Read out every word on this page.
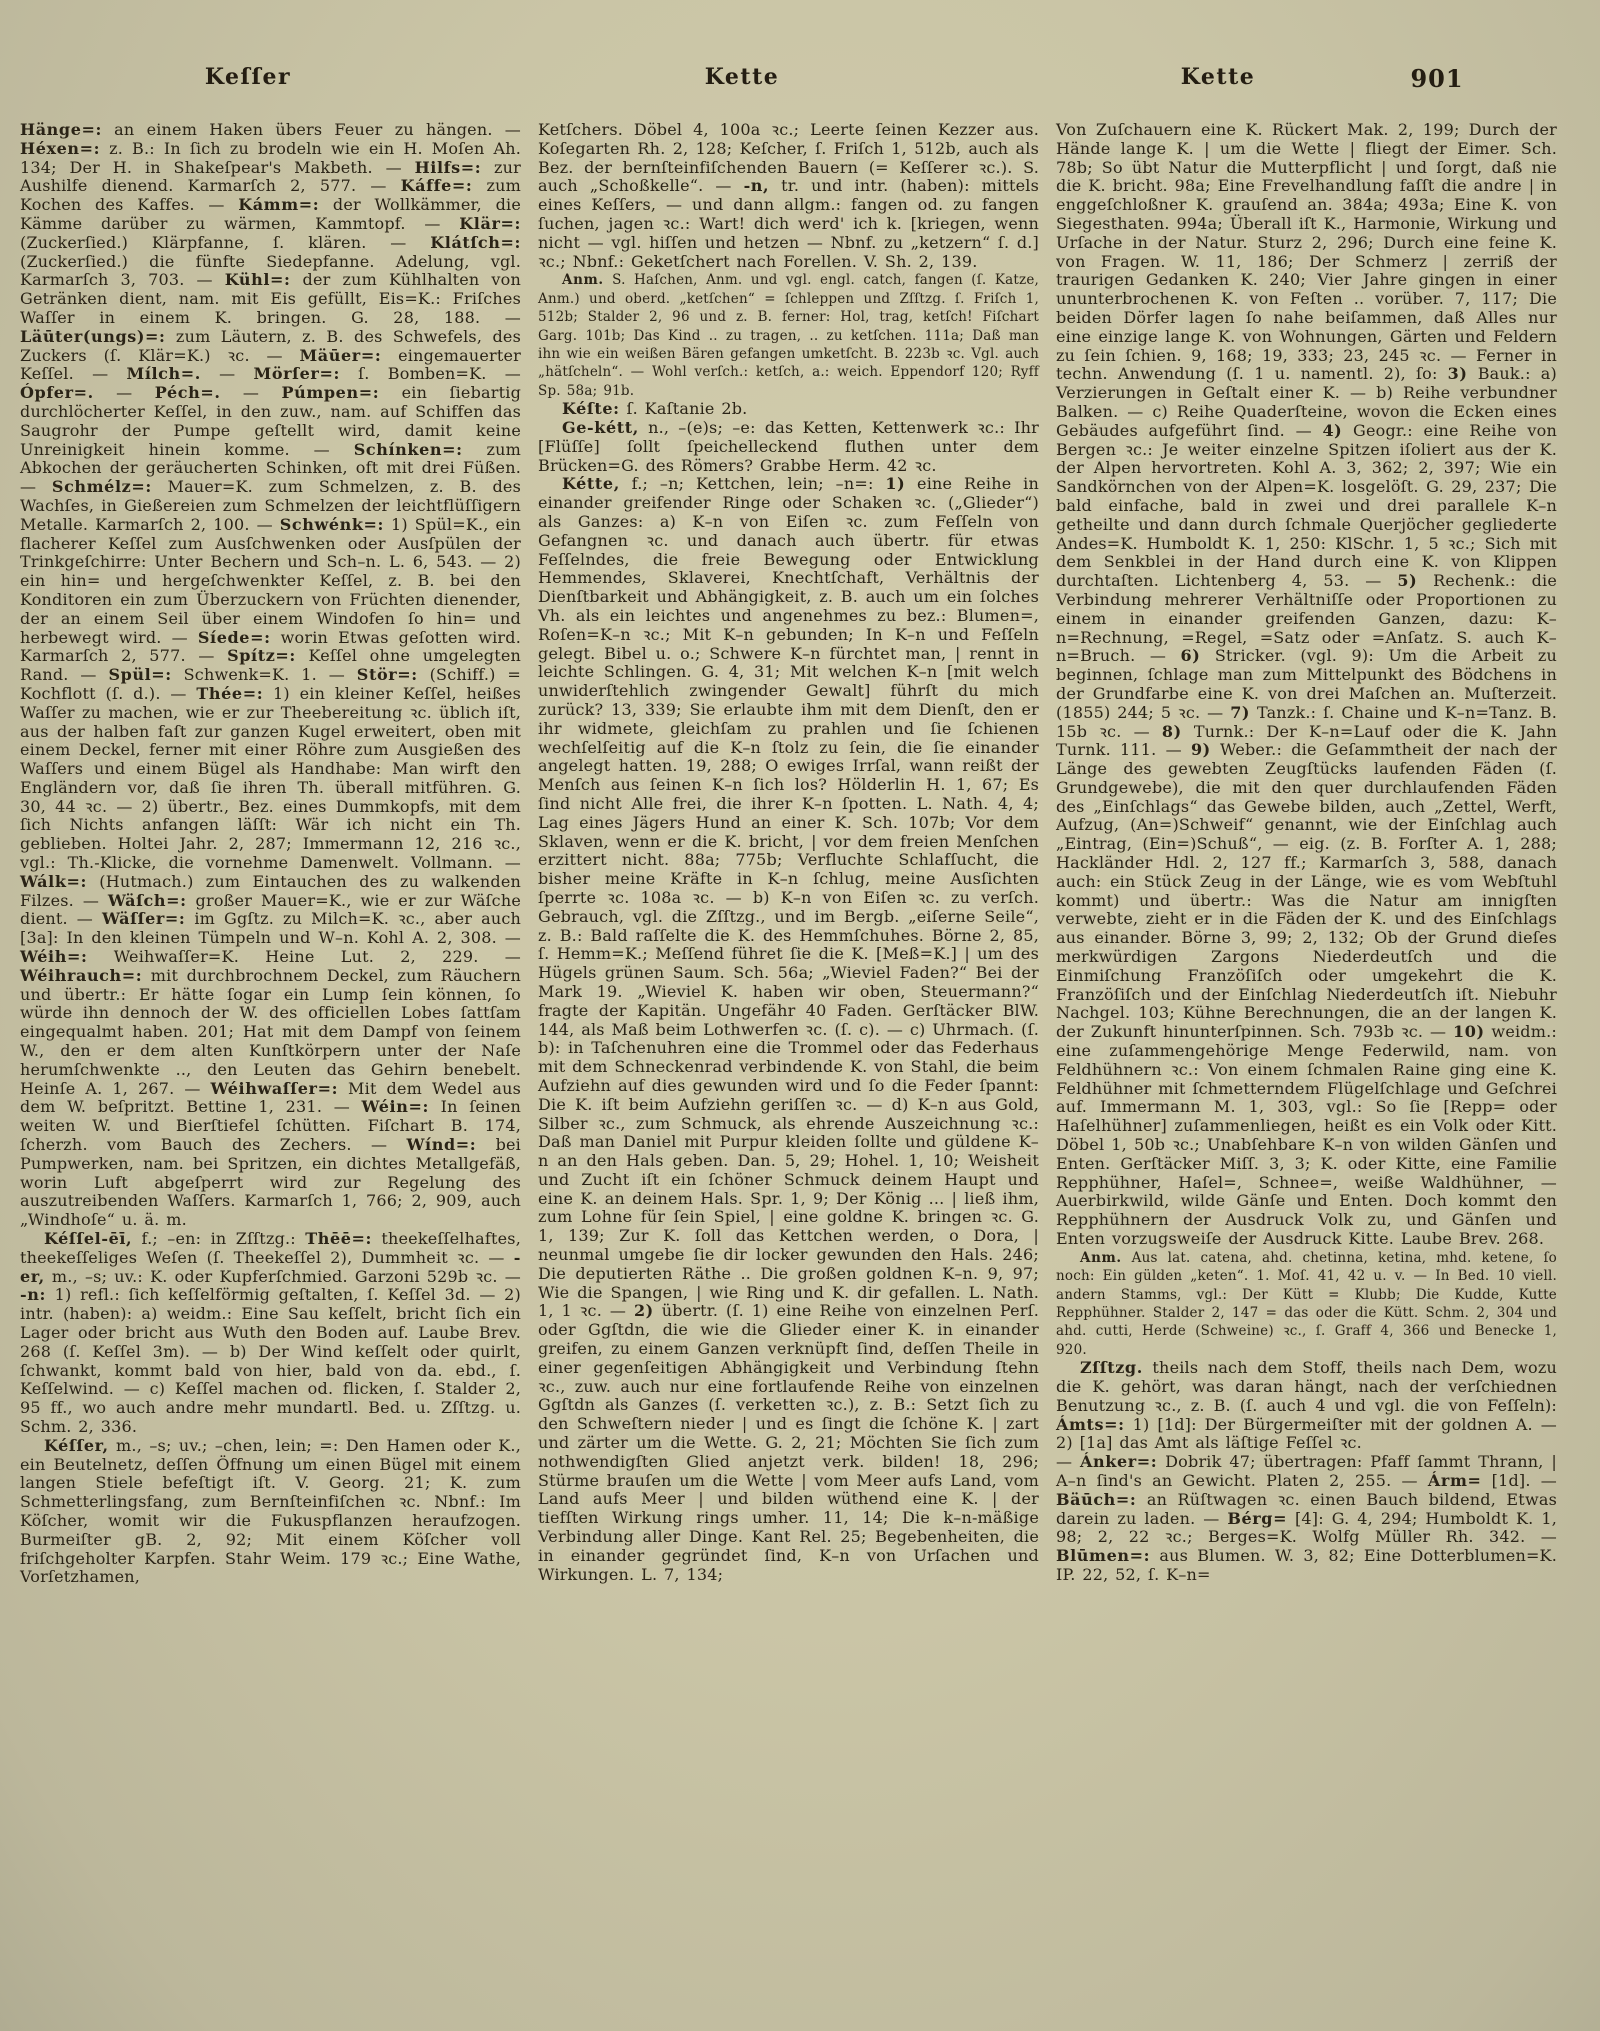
Keſſer	Kette	Kette	901

Hänge=: an einem Haken übers Feuer zu hängen. — Héxen=: z. B.: In ſich zu brodeln wie ein H. Moſen Ah. 134; Der H. in Shakeſpear's Makbeth. — Hilfs=: zur Aushilfe dienend. Karmarſch 2, 577. — Káffe=: zum Kochen des Kaffes. — Kámm=: der Wollkämmer, die Kämme darüber zu wärmen, Kammtopf. — Klär=: (Zuckerſied.) Klärpfanne, ſ. klären. — Klátſch=: (Zuckerſied.) die fünfte Siedepfanne. Adelung, vgl. Karmarſch 3, 703. — Kühl=: der zum Kühlhalten von Getränken dient, nam. mit Eis gefüllt, Eis=K.: Friſches Waſſer in einem K. bringen. G. 28, 188. — Läūter(ungs)=: zum Läutern, z. B. des Schwefels, des Zuckers (ſ. Klär=K.) ꝛc. — Mäūer=: eingemauerter Keſſel. — Mílch=. — Mörſer=: ſ. Bomben=K. — Ópfer=. — Péch=. — Púmpen=: ein ſiebartig durchlöcherter Keſſel, in den zuw., nam. auf Schiffen das Saugrohr der Pumpe geſtellt wird, damit keine Unreinigkeit hinein komme. — Schínken=: zum Abkochen der geräucherten Schinken, oft mit drei Füßen. — Schmélz=: Mauer=K. zum Schmelzen, z. B. des Wachſes, in Gießereien zum Schmelzen der leichtflüſſigern Metalle. Karmarſch 2, 100. — Schwénk=: 1) Spül=K., ein flacherer Keſſel zum Ausſchwenken oder Ausſpülen der Trinkgeſchirre: Unter Bechern und Sch–n. L. 6, 543. — 2) ein hin= und hergeſchwenkter Keſſel, z. B. bei den Konditoren ein zum Überzuckern von Früchten dienender, der an einem Seil über einem Windofen ſo hin= und herbewegt wird. — Síede=: worin Etwas geſotten wird. Karmarſch 2, 577. — Spítz=: Keſſel ohne umgelegten Rand. — Spül=: Schwenk=K. 1. — Stör=: (Schiff.) = Kochflott (ſ. d.). — Thée=: 1) ein kleiner Keſſel, heißes Waſſer zu machen, wie er zur Theebereitung ꝛc. üblich iſt, aus der halben faſt zur ganzen Kugel erweitert, oben mit einem Deckel, ferner mit einer Röhre zum Ausgießen des Waſſers und einem Bügel als Handhabe: Man wirft den Engländern vor, daß ſie ihren Th. überall mitführen. G. 30, 44 ꝛc. — 2) übertr., Bez. eines Dummkopfs, mit dem ſich Nichts anfangen läſſt: Wär ich nicht ein Th. geblieben. Holtei Jahr. 2, 287; Immermann 12, 216 ꝛc., vgl.: Th.-Klicke, die vornehme Damenwelt. Vollmann. — Wálk=: (Hutmach.) zum Eintauchen des zu walkenden Filzes. — Wäſch=: großer Mauer=K., wie er zur Wäſche dient. — Wäſſer=: im Ggſtz. zu Milch=K. ꝛc., aber auch [3a]: In den kleinen Tümpeln und W–n. Kohl A. 2, 308. — Wéih=: Weihwaſſer=K. Heine Lut. 2, 229. — Wéihrauch=: mit durchbrochnem Deckel, zum Räuchern und übertr.: Er hätte ſogar ein Lump ſein können, ſo würde ihn dennoch der W. des officiellen Lobes ſattſam eingequalmt haben. 201; Hat mit dem Dampf von ſeinem W., den er dem alten Kunſtkörpern unter der Naſe herumſchwenkte .., den Leuten das Gehirn benebelt. Heinſe A. 1, 267. — Wéihwaſſer=: Mit dem Wedel aus dem W. beſpritzt. Bettine 1, 231. — Wéin=: In ſeinen weiten W. und Bierſtiefel ſchütten. Fiſchart B. 174, ſcherzh. vom Bauch des Zechers. — Wínd=: bei Pumpwerken, nam. bei Spritzen, ein dichtes Metallgefäß, worin Luft abgeſperrt wird zur Regelung des auszutreibenden Waſſers. Karmarſch 1, 766; 2, 909, auch „Windhoſe“ u. ä. m.

Kéſſel-ēī, f.; –en: in Zſſtzg.: Thēē=: theekeſſelhaftes, theekeſſeliges Weſen (ſ. Theekeſſel 2), Dummheit ꝛc. — -er, m., –s; uv.: K. oder Kupferſchmied. Garzoni 529b ꝛc. — -n: 1) refl.: ſich keſſelförmig geſtalten, ſ. Keſſel 3d. — 2) intr. (haben): a) weidm.: Eine Sau keſſelt, bricht ſich ein Lager oder bricht aus Wuth den Boden auf. Laube Brev. 268 (ſ. Keſſel 3m). — b) Der Wind keſſelt oder quirlt, ſchwankt, kommt bald von hier, bald von da. ebd., ſ. Keſſelwind. — c) Keſſel machen od. flicken, ſ. Stalder 2, 95 ff., wo auch andre mehr mundartl. Bed. u. Zſſtzg. u. Schm. 2, 336.

Kéſſer, m., –s; uv.; –chen, lein; =: Den Hamen oder K., ein Beutelnetz, deſſen Öffnung um einen Bügel mit einem langen Stiele befeſtigt iſt. V. Georg. 21; K. zum Schmetterlingsfang, zum Bernſteinfiſchen ꝛc. Nbnf.: Im Köſcher, womit wir die Fukuspflanzen heraufzogen. Burmeiſter gB. 2, 92; Mit einem Köſcher voll friſchgeholter Karpfen. Stahr Weim. 179 ꝛc.; Eine Wathe, Vorſetzhamen,

Ketſchers. Döbel 4, 100a ꝛc.; Leerte ſeinen Kezzer aus. Koſegarten Rh. 2, 128; Keſcher, ſ. Friſch 1, 512b, auch als Bez. der bernſteinfiſchenden Bauern (= Keſſerer ꝛc.). S. auch „Schoßkelle“. — -n, tr. und intr. (haben): mittels eines Keſſers, — und dann allgm.: fangen od. zu fangen ſuchen, jagen ꝛc.: Wart! dich werd' ich k. [kriegen, wenn nicht — vgl. hiſſen und hetzen — Nbnf. zu „ketzern“ ſ. d.] ꝛc.; Nbnf.: Geketſchert nach Forellen. V. Sh. 2, 139.

Anm. S. Haſchen, Anm. und vgl. engl. catch, fangen (ſ. Katze, Anm.) und oberd. „ketſchen“ = ſchleppen und Zſſtzg. ſ. Friſch 1, 512b; Stalder 2, 96 und z. B. ferner: Hol, trag, ketſch! Fiſchart Garg. 101b; Das Kind .. zu tragen, .. zu ketſchen. 111a; Daß man ihn wie ein weißen Bären gefangen umketſcht. B. 223b ꝛc. Vgl. auch „hätſcheln“. — Wohl verſch.: ketſch, a.: weich. Eppendorf 120; Ryff Sp. 58a; 91b.

Kéſte: ſ. Kaſtanie 2b.

Ge-kétt, n., –(e)s; –e: das Ketten, Kettenwerk ꝛc.: Ihr [Flüſſe] ſollt ſpeichelleckend fluthen unter dem Brücken=G. des Römers? Grabbe Herm. 42 ꝛc.

Kétte, f.; –n; Kettchen, lein; –n=: 1) eine Reihe in einander greifender Ringe oder Schaken ꝛc. („Glieder“) als Ganzes: a) K–n von Eiſen ꝛc. zum Feſſeln von Gefangnen ꝛc. und danach auch übertr. für etwas Feſſelndes, die freie Bewegung oder Entwicklung Hemmendes, Sklaverei, Knechtſchaft, Verhältnis der Dienſtbarkeit und Abhängigkeit, z. B. auch um ein ſolches Vh. als ein leichtes und angenehmes zu bez.: Blumen=, Roſen=K–n ꝛc.; Mit K–n gebunden; In K–n und Feſſeln gelegt. Bibel u. o.; Schwere K–n fürchtet man, | rennt in leichte Schlingen. G. 4, 31; Mit welchen K–n [mit welch unwiderſtehlich zwingender Gewalt] führſt du mich zurück? 13, 339; Sie erlaubte ihm mit dem Dienſt, den er ihr widmete, gleichſam zu prahlen und ſie ſchienen wechſelſeitig auf die K–n ſtolz zu ſein, die ſie einander angelegt hatten. 19, 288; O ewiges Irrſal, wann reißt der Menſch aus ſeinen K–n ſich los? Hölderlin H. 1, 67; Es ſind nicht Alle frei, die ihrer K–n ſpotten. L. Nath. 4, 4; Lag eines Jägers Hund an einer K. Sch. 107b; Vor dem Sklaven, wenn er die K. bricht, | vor dem freien Menſchen erzittert nicht. 88a; 775b; Verfluchte Schlafſucht, die bisher meine Kräfte in K–n ſchlug, meine Ausſichten ſperrte ꝛc. 108a ꝛc. — b) K–n von Eiſen ꝛc. zu verſch. Gebrauch, vgl. die Zſſtzg., und im Bergb. „eiſerne Seile“, z. B.: Bald raſſelte die K. des Hemmſchuhes. Börne 2, 85, ſ. Hemm=K.; Meſſend führet ſie die K. [Meß=K.] | um des Hügels grünen Saum. Sch. 56a; „Wieviel Faden?“ Bei der Mark 19. „Wieviel K. haben wir oben, Steuermann?“ fragte der Kapitän. Ungefähr 40 Faden. Gerſtäcker BlW. 144, als Maß beim Lothwerfen ꝛc. (ſ. c). — c) Uhrmach. (ſ. b): in Taſchenuhren eine die Trommel oder das Federhaus mit dem Schneckenrad verbindende K. von Stahl, die beim Aufziehn auf dies gewunden wird und ſo die Feder ſpannt: Die K. iſt beim Aufziehn geriſſen ꝛc. — d) K–n aus Gold, Silber ꝛc., zum Schmuck, als ehrende Auszeichnung ꝛc.: Daß man Daniel mit Purpur kleiden ſollte und güldene K–n an den Hals geben. Dan. 5, 29; Hohel. 1, 10; Weisheit und Zucht iſt ein ſchöner Schmuck deinem Haupt und eine K. an deinem Hals. Spr. 1, 9; Der König ... | ließ ihm, zum Lohne für ſein Spiel, | eine goldne K. bringen ꝛc. G. 1, 139; Zur K. ſoll das Kettchen werden, o Dora, | neunmal umgebe ſie dir locker gewunden den Hals. 246; Die deputierten Räthe .. Die großen goldnen K–n. 9, 97; Wie die Spangen, | wie Ring und K. dir gefallen. L. Nath. 1, 1 ꝛc. — 2) übertr. (ſ. 1) eine Reihe von einzelnen Perſ. oder Ggſtdn, die wie die Glieder einer K. in einander greifen, zu einem Ganzen verknüpft ſind, deſſen Theile in einer gegenſeitigen Abhängigkeit und Verbindung ſtehn ꝛc., zuw. auch nur eine fortlaufende Reihe von einzelnen Ggſtdn als Ganzes (ſ. verketten ꝛc.), z. B.: Setzt ſich zu den Schweſtern nieder | und es ſingt die ſchöne K. | zart und zärter um die Wette. G. 2, 21; Möchten Sie ſich zum nothwendigſten Glied anjetzt verk. bilden! 18, 296; Stürme brauſen um die Wette | vom Meer aufs Land, vom Land aufs Meer | und bilden wüthend eine K. | der tiefſten Wirkung rings umher. 11, 14; Die k–n-mäßige Verbindung aller Dinge. Kant Rel. 25; Begebenheiten, die in einander gegründet ſind, K–n von Urſachen und Wirkungen. L. 7, 134;

Von Zuſchauern eine K. Rückert Mak. 2, 199; Durch der Hände lange K. | um die Wette | fliegt der Eimer. Sch. 78b; So übt Natur die Mutterpflicht | und ſorgt, daß nie die K. bricht. 98a; Eine Frevelhandlung faſſt die andre | in enggeſchloßner K. grauſend an. 384a; 493a; Eine K. von Siegesthaten. 994a; Überall iſt K., Harmonie, Wirkung und Urſache in der Natur. Sturz 2, 296; Durch eine feine K. von Fragen. W. 11, 186; Der Schmerz | zerriß der traurigen Gedanken K. 240; Vier Jahre gingen in einer ununterbrochenen K. von Feſten .. vorüber. 7, 117; Die beiden Dörfer lagen ſo nahe beiſammen, daß Alles nur eine einzige lange K. von Wohnungen, Gärten und Feldern zu ſein ſchien. 9, 168; 19, 333; 23, 245 ꝛc. — Ferner in techn. Anwendung (ſ. 1 u. namentl. 2), ſo: 3) Bauk.: a) Verzierungen in Geſtalt einer K. — b) Reihe verbundner Balken. — c) Reihe Quaderſteine, wovon die Ecken eines Gebäudes aufgeführt ſind. — 4) Geogr.: eine Reihe von Bergen ꝛc.: Je weiter einzelne Spitzen iſoliert aus der K. der Alpen hervortreten. Kohl A. 3, 362; 2, 397; Wie ein Sandkörnchen von der Alpen=K. losgelöſt. G. 29, 237; Die bald einfache, bald in zwei und drei parallele K–n getheilte und dann durch ſchmale Querjöcher gegliederte Andes=K. Humboldt K. 1, 250: KlSchr. 1, 5 ꝛc.; Sich mit dem Senkblei in der Hand durch eine K. von Klippen durchtaſten. Lichtenberg 4, 53. — 5) Rechenk.: die Verbindung mehrerer Verhältniſſe oder Proportionen zu einem in einander greifenden Ganzen, dazu: K–n=Rechnung, =Regel, =Satz oder =Anſatz. S. auch K–n=Bruch. — 6) Stricker. (vgl. 9): Um die Arbeit zu beginnen, ſchlage man zum Mittelpunkt des Bödchens in der Grundfarbe eine K. von drei Maſchen an. Muſterzeit. (1855) 244; 5 ꝛc. — 7) Tanzk.: ſ. Chaine und K–n=Tanz. B. 15b ꝛc. — 8) Turnk.: Der K–n=Lauf oder die K. Jahn Turnk. 111. — 9) Weber.: die Geſammtheit der nach der Länge des gewebten Zeugſtücks laufenden Fäden (ſ. Grundgewebe), die mit den quer durchlaufenden Fäden des „Einſchlags“ das Gewebe bilden, auch „Zettel, Werft, Aufzug, (An=)Schweif“ genannt, wie der Einſchlag auch „Eintrag, (Ein=)Schuß“, — eig. (z. B. Forſter A. 1, 288; Hackländer Hdl. 2, 127 ff.; Karmarſch 3, 588, danach auch: ein Stück Zeug in der Länge, wie es vom Webſtuhl kommt) und übertr.: Was die Natur am innigſten verwebte, zieht er in die Fäden der K. und des Einſchlags aus einander. Börne 3, 99; 2, 132; Ob der Grund dieſes merkwürdigen Zargons Niederdeutſch und die Einmiſchung Franzöſiſch oder umgekehrt die K. Franzöſiſch und der Einſchlag Niederdeutſch iſt. Niebuhr Nachgel. 103; Kühne Berechnungen, die an der langen K. der Zukunft hinunterſpinnen. Sch. 793b ꝛc. — 10) weidm.: eine zuſammengehörige Menge Federwild, nam. von Feldhühnern ꝛc.: Von einem ſchmalen Raine ging eine K. Feldhühner mit ſchmetterndem Flügelſchlage und Geſchrei auf. Immermann M. 1, 303, vgl.: So ſie [Repp= oder Haſelhühner] zuſammenliegen, heißt es ein Volk oder Kitt. Döbel 1, 50b ꝛc.; Unabſehbare K–n von wilden Gänſen und Enten. Gerſtäcker Miſſ. 3, 3; K. oder Kitte, eine Familie Repphühner, Haſel=, Schnee=, weiße Waldhühner, — Auerbirkwild, wilde Gänſe und Enten. Doch kommt den Repphühnern der Ausdruck Volk zu, und Gänſen und Enten vorzugsweiſe der Ausdruck Kitte. Laube Brev. 268.

Anm. Aus lat. catena, ahd. chetinna, ketina, mhd. ketene, ſo noch: Ein gülden „keten“. 1. Moſ. 41, 42 u. v. — In Bed. 10 viell. andern Stamms, vgl.: Der Kütt = Klubb; Die Kudde, Kutte Repphühner. Stalder 2, 147 = das oder die Kütt. Schm. 2, 304 und ahd. cutti, Herde (Schweine) ꝛc., ſ. Graff 4, 366 und Benecke 1, 920.

Zſſtzg. theils nach dem Stoff, theils nach Dem, wozu die K. gehört, was daran hängt, nach der verſchiednen Benutzung ꝛc., z. B. (ſ. auch 4 und vgl. die von Feſſeln): Ámts=: 1) [1d]: Der Bürgermeiſter mit der goldnen A. — 2) [1a] das Amt als läſtige Feſſel ꝛc.

— Ánker=: Dobrik 47; übertragen: Pfaff ſammt Thrann, | A–n ſind's an Gewicht. Platen 2, 255. — Árm= [1d]. — Bäūch=: an Rüſtwagen ꝛc. einen Bauch bildend, Etwas darein zu laden. — Bérg= [4]: G. 4, 294; Humboldt K. 1, 98; 2, 22 ꝛc.; Berges=K. Wolfg Müller Rh. 342. — Blūmen=: aus Blumen. W. 3, 82; Eine Dotterblumen=K. IP. 22, 52, ſ. K–n=
